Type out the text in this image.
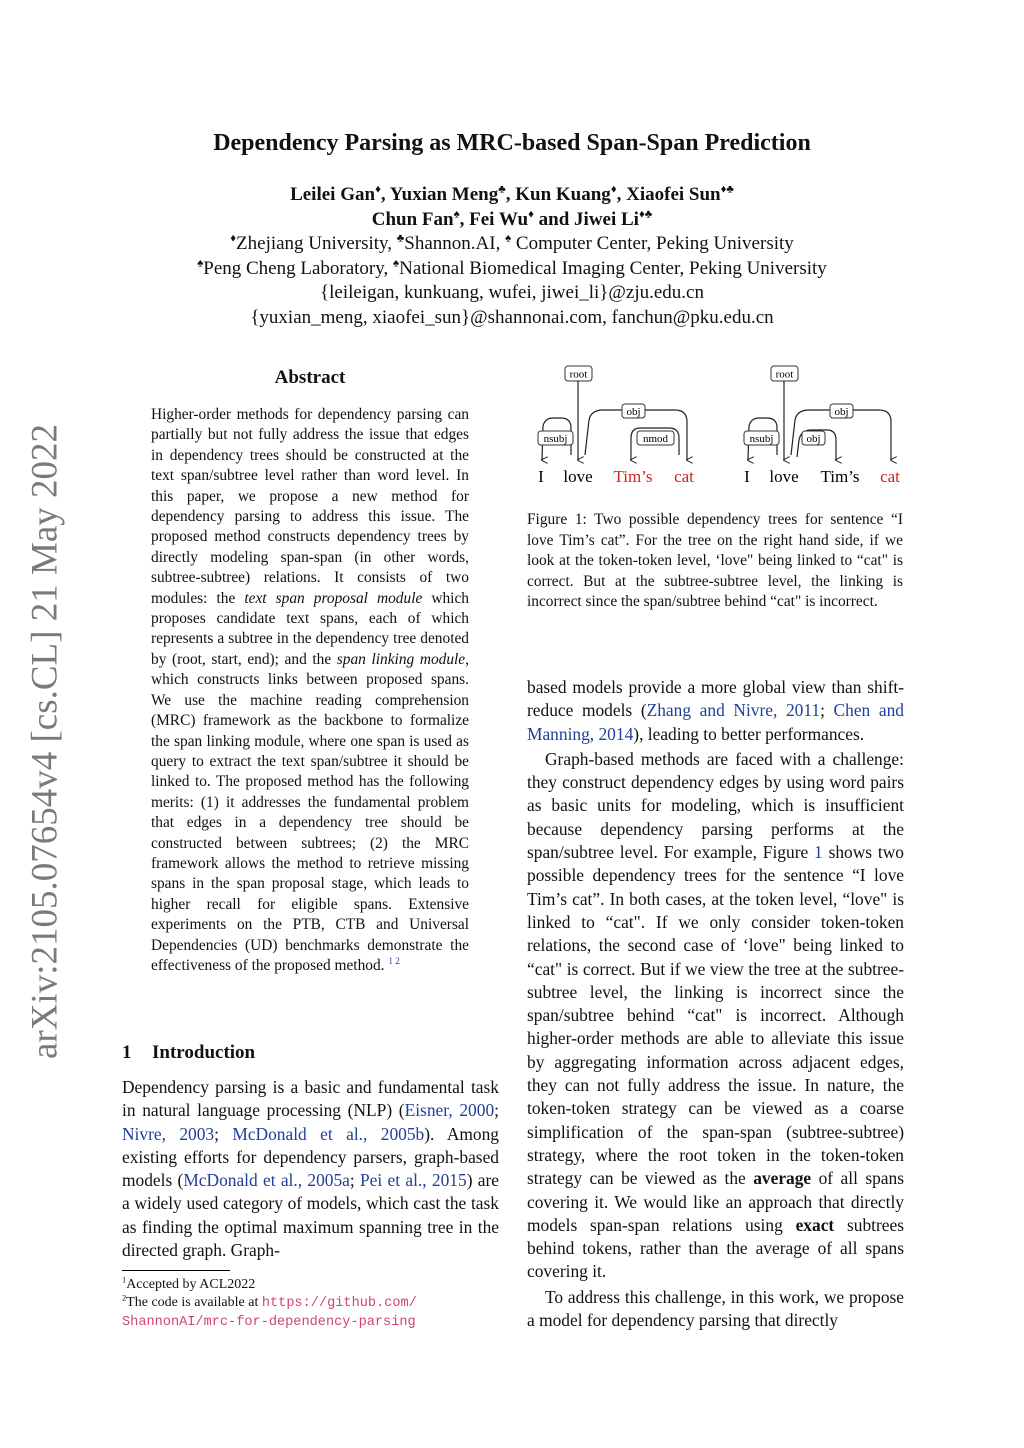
Dependency Parsing as MRC-based Span-Span Prediction
Leilei Gan♦, Yuxian Meng♣, Kun Kuang♦, Xiaofei Sun♦♣
Chun Fan♠, Fei Wu♦ and Jiwei Li♦♣
♦Zhejiang University, ♣Shannon.AI, ♠ Computer Center, Peking University
♠Peng Cheng Laboratory, ♠National Biomedical Imaging Center, Peking University
{leileigan, kunkuang, wufei, jiwei_li}@zju.edu.cn
{yuxian_meng, xiaofei_sun}@shannonai.com, fanchun@pku.edu.cn
arXiv:2105.07654v4 [cs.CL] 21 May 2022
Abstract
Higher-order methods for dependency parsing can partially but not fully address the issue that edges in dependency trees should be constructed at the text span/subtree level rather than word level. In this paper, we propose a new method for dependency parsing to address this issue. The proposed method constructs dependency trees by directly modeling span-span (in other words, subtree-subtree) relations. It consists of two modules: the text span proposal module which proposes candidate text spans, each of which represents a subtree in the dependency tree denoted by (root, start, end); and the span linking module, which constructs links between proposed spans. We use the machine reading comprehension (MRC) framework as the backbone to formalize the span linking module, where one span is used as query to extract the text span/subtree it should be linked to. The proposed method has the following merits: (1) it addresses the fundamental problem that edges in a dependency tree should be constructed between subtrees; (2) the MRC framework allows the method to retrieve missing spans in the span proposal stage, which leads to higher recall for eligible spans. Extensive experiments on the PTB, CTB and Universal Dependencies (UD) benchmarks demonstrate the effectiveness of the proposed method. $^{1 2}$
1 Introduction
Dependency parsing is a basic and fundamental task in natural language processing (NLP) (Eisner, 2000; Nivre, 2003; McDonald et al., 2005b). Among existing efforts for dependency parsers, graph-based models (McDonald et al., 2005a; Pei et al., 2015) are a widely used category of models, which cast the task as finding the optimal maximum spanning tree in the directed graph. Graph-
$^1$Accepted by ACL2022
$^2$The code is available at https://github.com/
ShannonAI/mrc-for-dependency-parsing
root
nsubj
obj
nmod
I love Tim’s cat
root
nsubj
obj
obj
I love Tim’s cat
Figure 1: Two possible dependency trees for sentence “I love Tim’s cat”. For the tree on the right hand side, if we look at the token-token level, ‘love" being linked to “cat" is correct. But at the subtree-subtree level, the linking is incorrect since the span/subtree behind “cat" is incorrect.

based models provide a more global view than shift-reduce models (Zhang and Nivre, 2011; Chen and Manning, 2014), leading to better performances.

Graph-based methods are faced with a challenge: they construct dependency edges by using word pairs as basic units for modeling, which is insufficient because dependency parsing performs at the span/subtree level. For example, Figure 1 shows two possible dependency trees for the sentence “I love Tim’s cat”. In both cases, at the token level, “love" is linked to “cat". If we only consider token-token relations, the second case of ‘love" being linked to “cat" is correct. But if we view the tree at the subtree-subtree level, the linking is incorrect since the span/subtree behind “cat" is incorrect. Although higher-order methods are able to alleviate this issue by aggregating information across adjacent edges, they can not fully address the issue. In nature, the token-token strategy can be viewed as a coarse simplification of the span-span (subtree-subtree) strategy, where the root token in the token-token strategy can be viewed as the average of all spans covering it. We would like an approach that directly models span-span relations using exact subtrees behind tokens, rather than the average of all spans covering it.

To address this challenge, in this work, we propose a model for dependency parsing that directly
